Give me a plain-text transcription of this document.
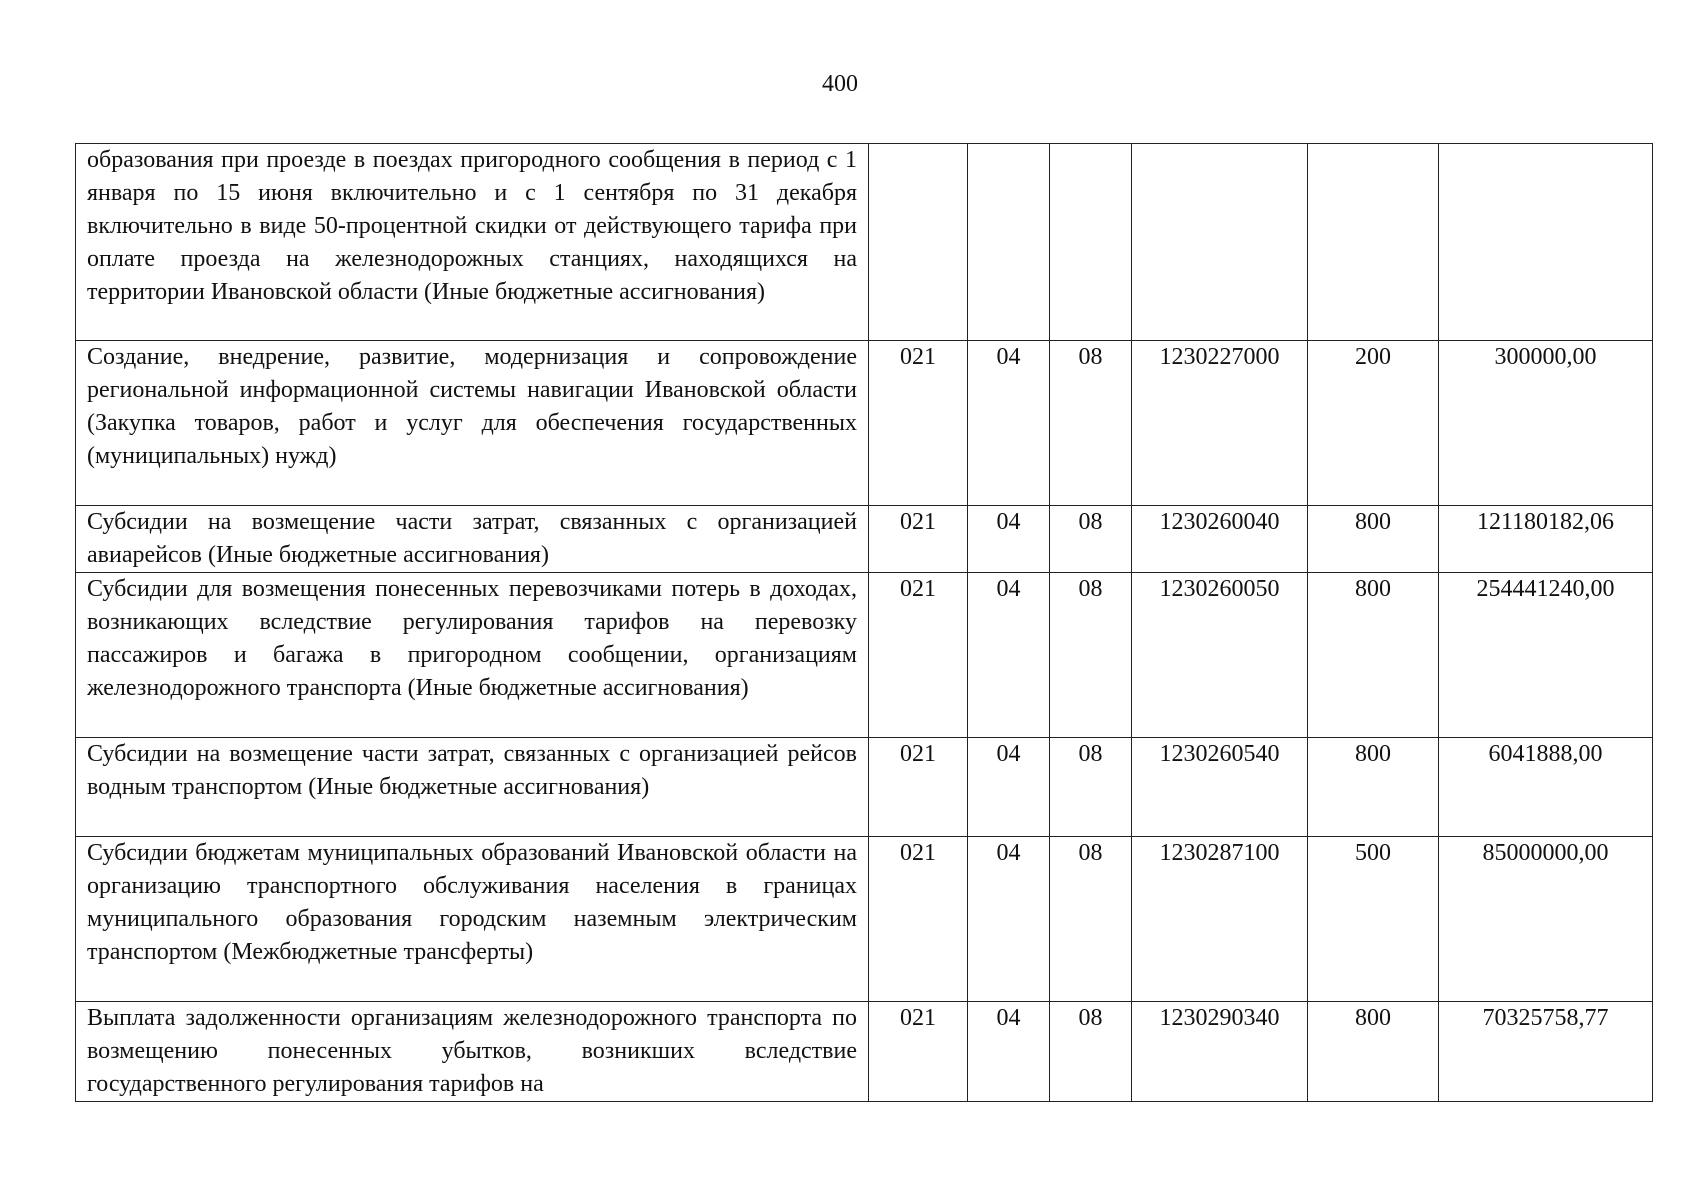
400
образования при проезде в поездах пригородного сообщения в период с 1 января по 15 июня включительно и с 1 сентября по 31 декабря включительно в виде 50-процентной скидки от действующего тарифа при оплате проезда на железнодорожных станциях, находящихся на территории Ивановской области (Иные бюджетные ассигнования)						
Создание, внедрение, развитие, модернизация и сопровождение региональной информационной системы навигации Ивановской области (Закупка товаров, работ и услуг для обеспечения государственных (муниципальных) нужд)	021	04	08	1230227000	200	300000,00
Субсидии на возмещение части затрат, связанных с организацией авиарейсов (Иные бюджетные ассигнования)	021	04	08	1230260040	800	121180182,06
Субсидии для возмещения понесенных перевозчиками потерь в доходах, возникающих вследствие регулирования тарифов на перевозку пассажиров и багажа в пригородном сообщении, организациям железнодорожного транспорта (Иные бюджетные ассигнования)	021	04	08	1230260050	800	254441240,00
Субсидии на возмещение части затрат, связанных с организацией рейсов водным транспортом (Иные бюджетные ассигнования)	021	04	08	1230260540	800	6041888,00
Субсидии бюджетам муниципальных образований Ивановской области на организацию транспортного обслуживания населения в границах муниципального образования городским наземным электрическим транспортом (Межбюджетные трансферты)	021	04	08	1230287100	500	85000000,00
Выплата задолженности организациям железнодорожного транспорта по возмещению понесенных убытков, возникших вследствие государственного регулирования тарифов на	021	04	08	1230290340	800	70325758,77
